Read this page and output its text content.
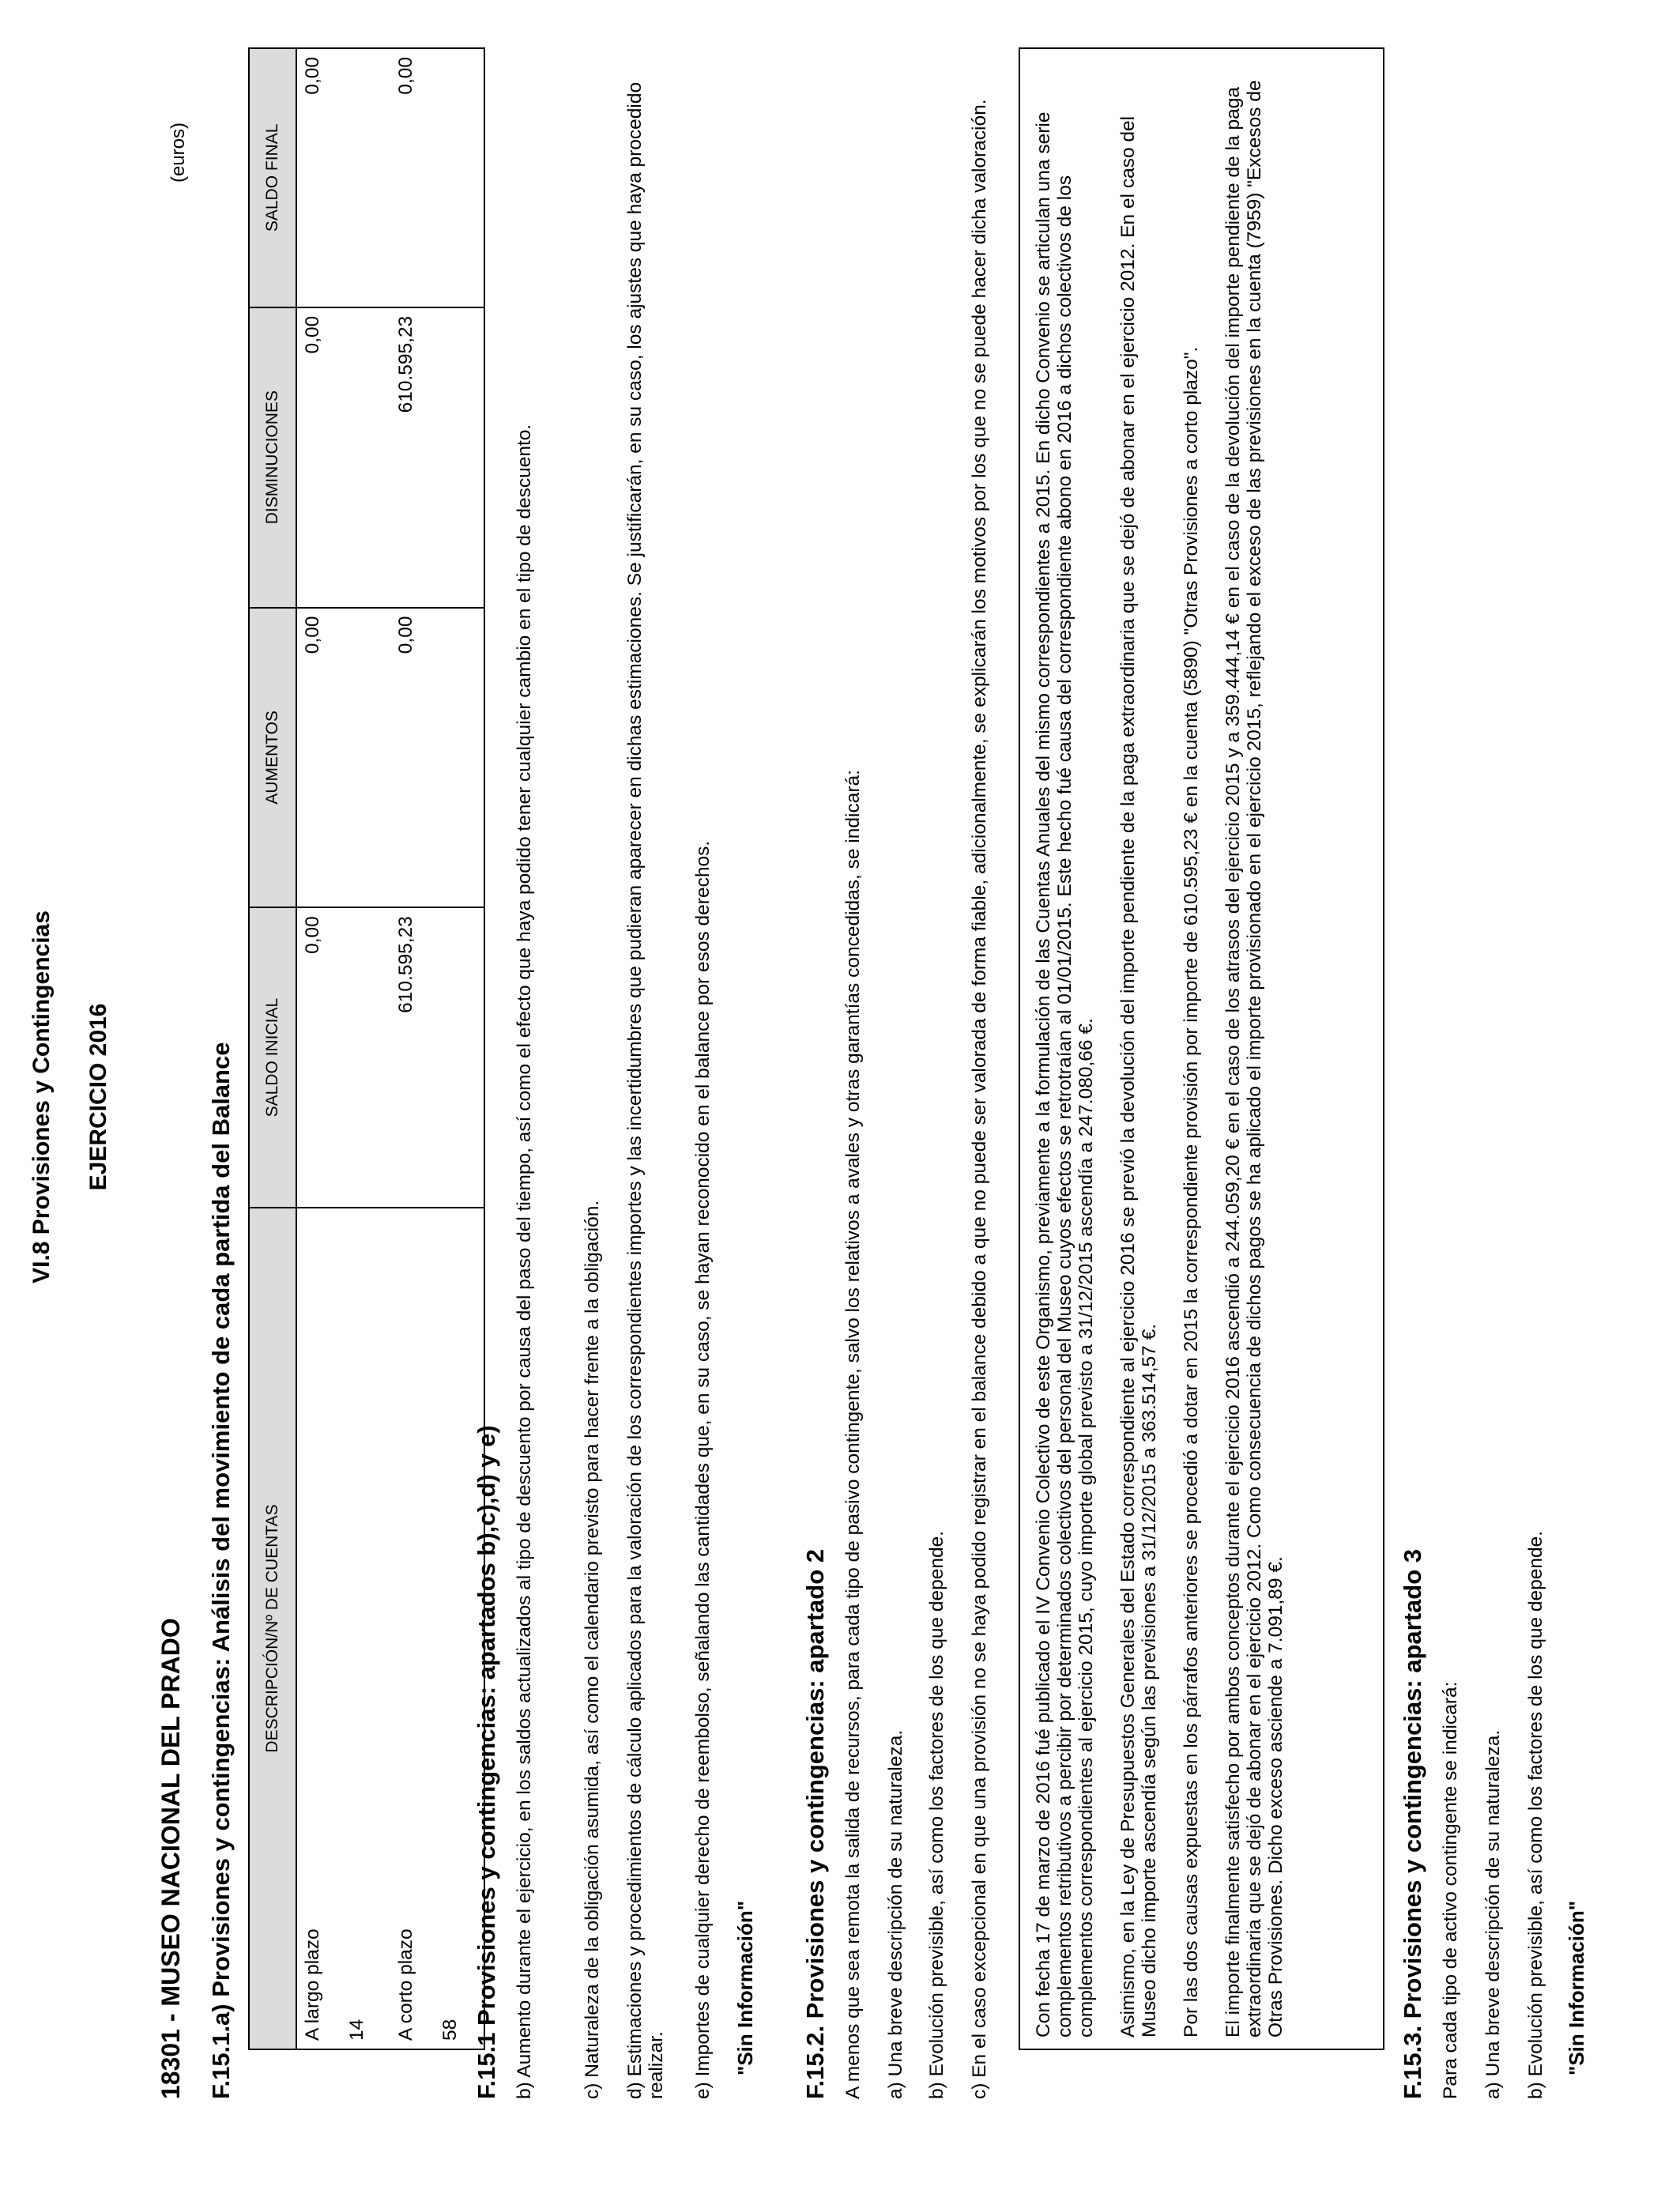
VI.8 Provisiones y Contingencias EJERCICIO 2016
18301 - MUSEO NACIONAL DEL PRADO
(euros)
F.15.1.a) Provisiones y contingencias: Análisis del movimiento de cada partida del Balance DESCRIPCIÓN/Nº DE CUENTAS	SALDO INICIAL	AUMENTOS	DISMINUCIONES	SALDO FINAL

A largo plazo 14	0,00	0,00	0,00	0,00

A corto plazo 58	610.595,23	0,00	610.595,23	0,00
F.15.1 Provisiones y contingencias: apartados b),c),d) y e) b) Aumento durante el ejercicio, en los saldos actualizados al tipo de descuento por causa del paso del tiempo, así como el efecto que haya podido tener cualquier cambio en el tipo de descuento. c) Naturaleza de la obligación asumida, así como el calendario previsto para hacer frente a la obligación. d) Estimaciones y procedimientos de cálculo aplicados para la valoración de los correspondientes importes y las incertidumbres que pudieran aparecer en dichas estimaciones. Se justificarán, en su caso, los ajustes que haya procedido realizar. e) Importes de cualquier derecho de reembolso, señalando las cantidades que, en su caso, se hayan reconocido en el balance por esos derechos. "Sin Información" F.15.2. Provisiones y contingencias: apartado 2 A menos que sea remota la salida de recursos, para cada tipo de pasivo contingente, salvo los relativos a avales y otras garantías concedidas, se indicará: a) Una breve descripción de su naturaleza. b) Evolución previsible, así como los factores de los que depende. c) En el caso excepcional en que una provisión no se haya podido registrar en el balance debido a que no puede ser valorada de forma fiable, adicionalmente, se explicarán los motivos por los que no se puede hacer dicha valoración. Con fecha 17 de marzo de 2016 fué publicado el IV Convenio Colectivo de este Organismo, previamente a la formulación de las Cuentas Anuales del mismo correspondientes a 2015. En dicho Convenio se articulan una serie complementos retributivos a percibir por determinados colectivos del personal del Museo cuyos efectos se retrotraían al 01/01/2015. Este hecho fué causa del correspondiente abono en 2016 a dichos colectivos de los complementos correspondientes al ejercicio 2015, cuyo importe global previsto a 31/12/2015 ascendía a 247.080,66 €. Asimismo, en la Ley de Presupuestos Generales del Estado correspondiente al ejercicio 2016 se previó la devolución del importe pendiente de la paga extraordinaria que se dejó de abonar en el ejercicio 2012. En el caso del Museo dicho importe ascendía según las previsiones a 31/12/2015 a 363.514,57 €. Por las dos causas expuestas en los párrafos anteriores se procedió a dotar en 2015 la correspondiente provisión por importe de 610.595,23 € en la cuenta (5890) "Otras Provisiones a corto plazo". El importe finalmente satisfecho por ambos conceptos durante el ejercicio 2016 ascendió a 244.059,20 € en el caso de los atrasos del ejercicio 2015 y a 359.444,14 € en el caso de la devolución del importe pendiente de la paga extraordinaria que se dejó de abonar en el ejercicio 2012. Como consecuencia de dichos pagos se ha aplicado el importe provisionado en el ejercicio 2015, reflejando el exceso de las previsiones en la cuenta (7959) "Excesos de Otras Provisiones. Dicho exceso asciende a 7.091,89 €.	F.15.3. Provisiones y contingencias: apartado 3 Para cada tipo de activo contingente se indicará: a) Una breve descripción de su naturaleza. b) Evolución previsible, así como los factores de los que depende. "Sin Información"
